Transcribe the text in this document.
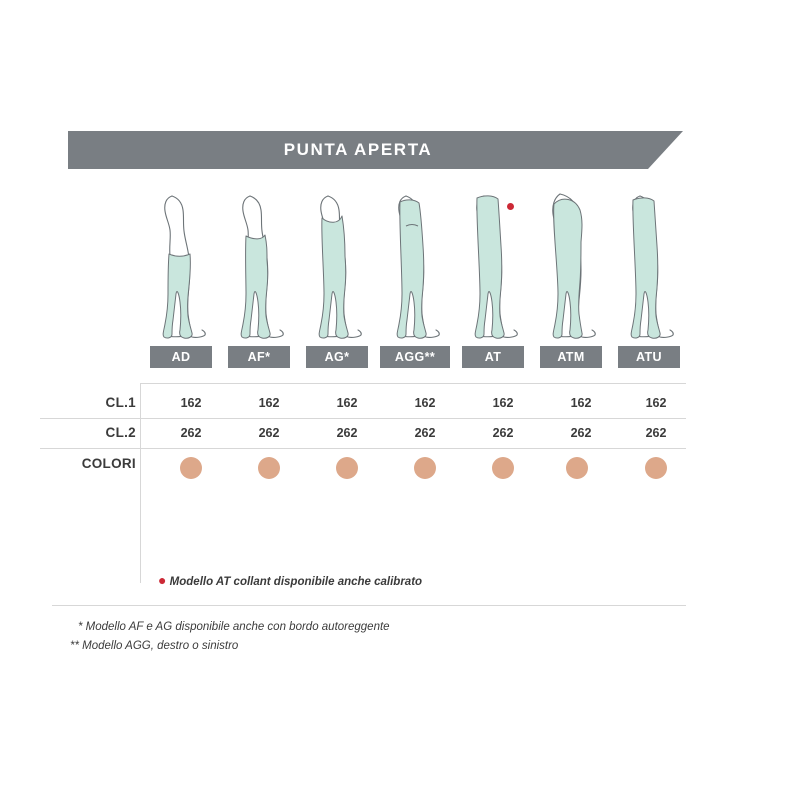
PUNTA APERTA
AD	AF*	AG*	AGG**	AT	ATM	ATU
CL.1	162	162	162	162	162	162	162
CL.2	262	262	262	262	262	262	262
COLORI
● Modello AT collant disponibile anche calibrato
* Modello AF e AG disponibile anche con bordo autoreggente
** Modello AGG, destro o sinistro
